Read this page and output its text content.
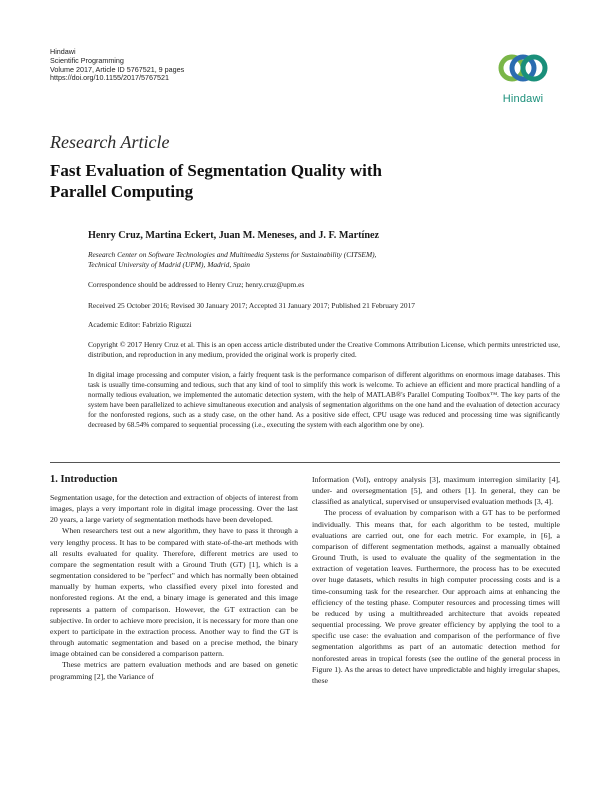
Hindawi
Scientific Programming
Volume 2017, Article ID 5767521, 9 pages
https://doi.org/10.1155/2017/5767521
Hindawi
Research Article
Fast Evaluation of Segmentation Quality with
Parallel Computing
Henry Cruz, Martina Eckert, Juan M. Meneses, and J. F. Martínez
Research Center on Software Technologies and Multimedia Systems for Sustainability (CITSEM),
Technical University of Madrid (UPM), Madrid, Spain
Correspondence should be addressed to Henry Cruz; henry.cruz@upm.es
Received 25 October 2016; Revised 30 January 2017; Accepted 31 January 2017; Published 21 February 2017
Academic Editor: Fabrizio Riguzzi
Copyright © 2017 Henry Cruz et al. This is an open access article distributed under the Creative Commons Attribution License, which permits unrestricted use, distribution, and reproduction in any medium, provided the original work is properly cited.
In digital image processing and computer vision, a fairly frequent task is the performance comparison of different algorithms on enormous image databases. This task is usually time-consuming and tedious, such that any kind of tool to simplify this work is welcome. To achieve an efficient and more practical handling of a normally tedious evaluation, we implemented the automatic detection system, with the help of MATLAB®'s Parallel Computing Toolbox™. The key parts of the system have been parallelized to achieve simultaneous execution and analysis of segmentation algorithms on the one hand and the evaluation of detection accuracy for the nonforested regions, such as a study case, on the other hand. As a positive side effect, CPU usage was reduced and processing time was significantly decreased by 68.54% compared to sequential processing (i.e., executing the system with each algorithm one by one).
1. Introduction

Segmentation usage, for the detection and extraction of objects of interest from images, plays a very important role in digital image processing. Over the last 20 years, a large variety of segmentation methods have been developed.

When researchers test out a new algorithm, they have to pass it through a very lengthy process. It has to be compared with state-of-the-art methods with all results evaluated for quality. Therefore, different metrics are used to compare the segmentation result with a Ground Truth (GT) [1], which is a segmentation considered to be "perfect" and which has normally been obtained manually by human experts, who classified every pixel into forested and nonforested regions. At the end, a binary image is generated and this image represents a pattern of comparison. However, the GT extraction can be subjective. In order to achieve more precision, it is necessary for more than one expert to participate in the extraction process. Another way to find the GT is through automatic segmentation and based on a precise method, the binary image obtained can be considered a comparison pattern.

These metrics are pattern evaluation methods and are based on genetic programming [2], the Variance of

Information (VoI), entropy analysis [3], maximum interregion similarity [4], under- and oversegmentation [5], and others [1]. In general, they can be classified as analytical, supervised or unsupervised evaluation methods [3, 4].

The process of evaluation by comparison with a GT has to be performed individually. This means that, for each algorithm to be tested, multiple evaluations are carried out, one for each metric. For example, in [6], a comparison of different segmentation methods, against a manually obtained Ground Truth, is used to evaluate the quality of the segmentation in the extraction of vegetation leaves. Furthermore, the process has to be executed over huge datasets, which results in high computer processing costs and is a time-consuming task for the researcher. Our approach aims at enhancing the efficiency of the testing phase. Computer resources and processing times will be reduced by using a multithreaded architecture that avoids repeated sequential processing. We prove greater efficiency by applying the tool to a specific use case: the evaluation and comparison of the performance of five segmentation algorithms as part of an automatic detection method for nonforested areas in tropical forests (see the outline of the general process in Figure 1). As the areas to detect have unpredictable and highly irregular shapes, these
